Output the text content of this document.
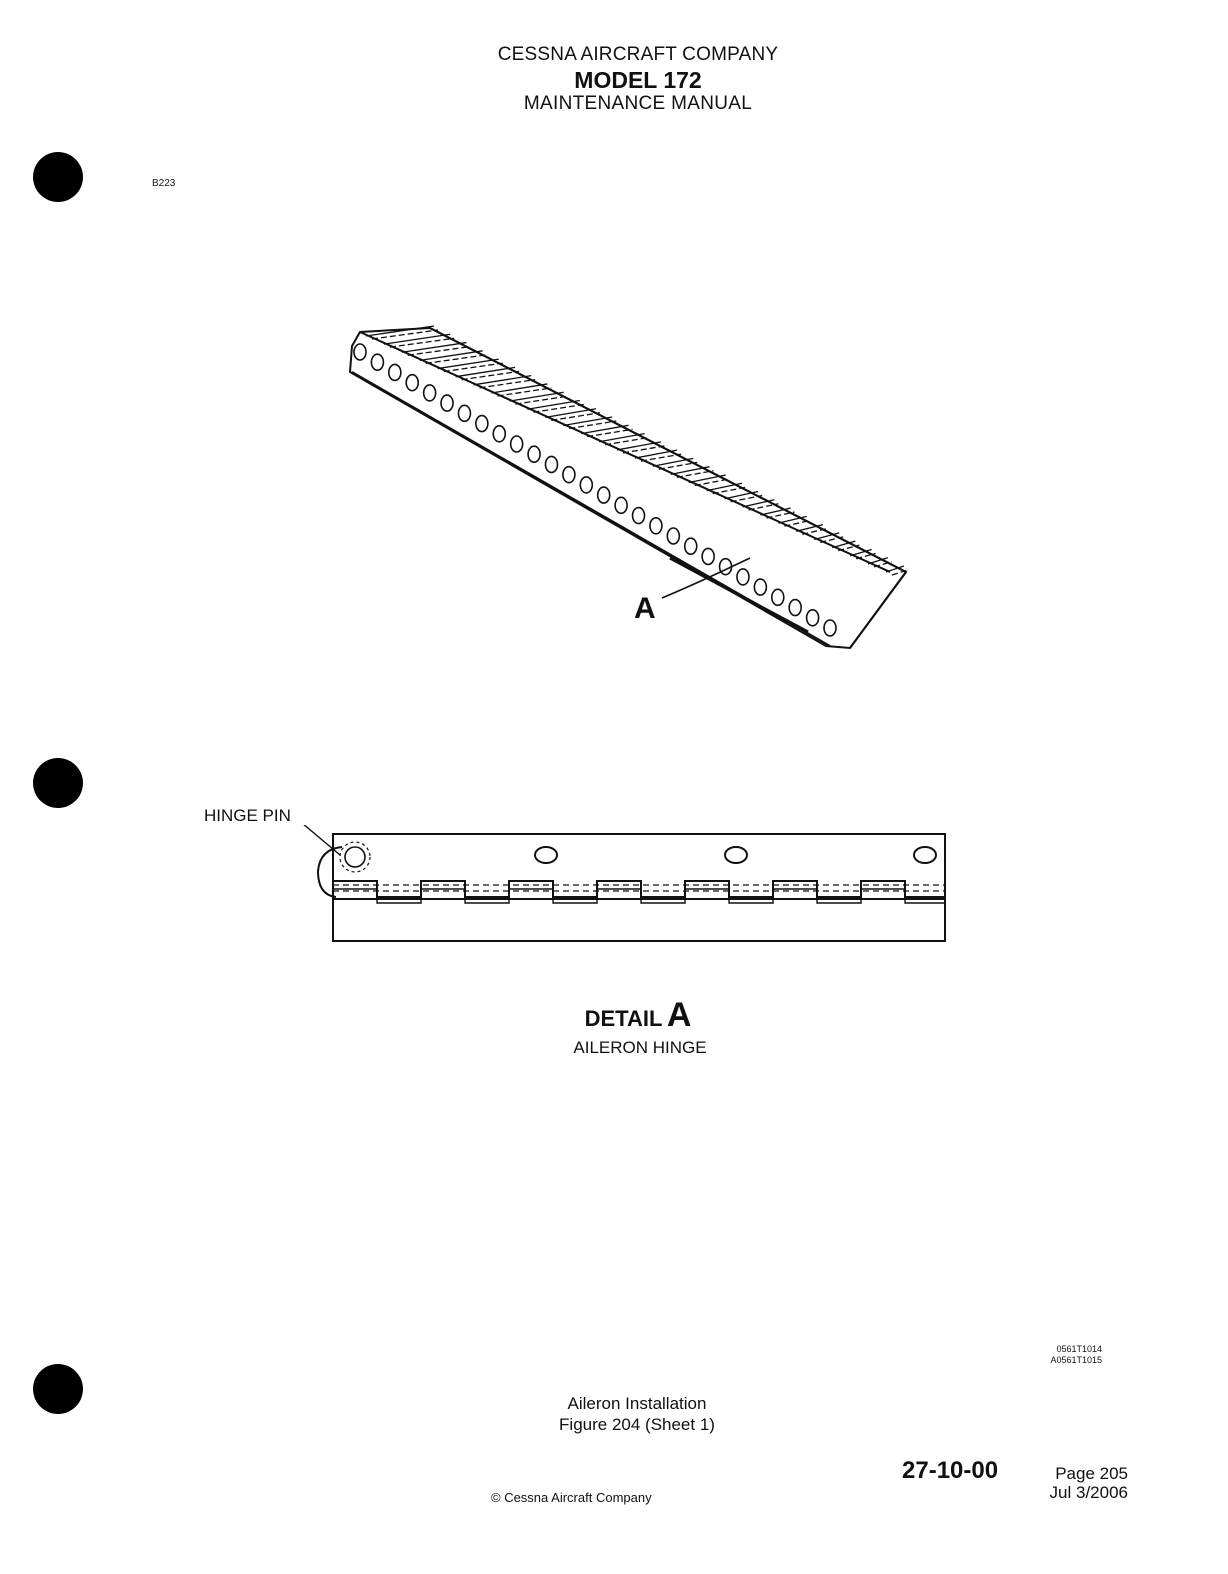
CESSNA AIRCRAFT COMPANY
MODEL 172
MAINTENANCE MANUAL
B223
A
HINGE PIN
DETAIL A
AILERON HINGE
0561T1014
A0561T1015
Aileron Installation
Figure 204 (Sheet 1)
27-10-00	Page 205
Jul 3/2006
© Cessna Aircraft Company
